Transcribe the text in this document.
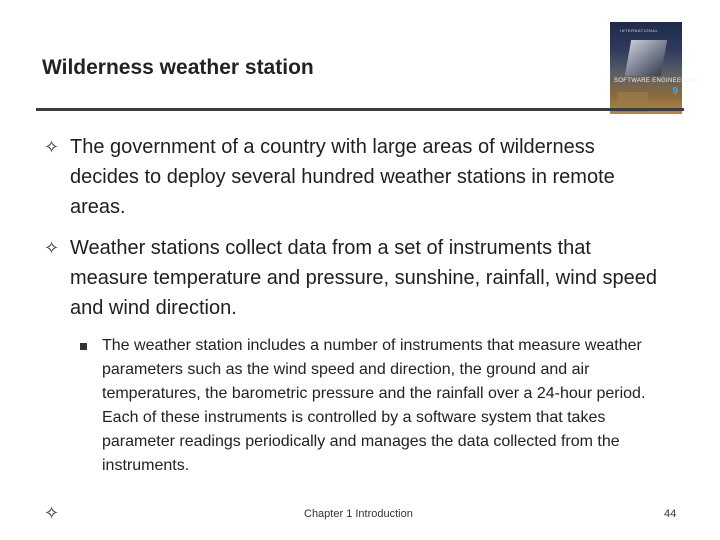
Wilderness weather station
INTERNATIONAL
SOFTWARE ENGINEERING
9
✧ The government of a country with large areas of wilderness decides to deploy several hundred weather stations in remote areas.
✧ Weather stations collect data from a set of instruments that measure temperature and pressure, sunshine, rainfall, wind speed and wind direction.
The weather station includes a number of instruments that measure weather parameters such as the wind speed and direction, the ground and air temperatures, the barometric pressure and the rainfall over a 24-hour period. Each of these instruments is controlled by a software system that takes parameter readings periodically and manages the data collected from the instruments.
✧	Chapter 1 Introduction	44
